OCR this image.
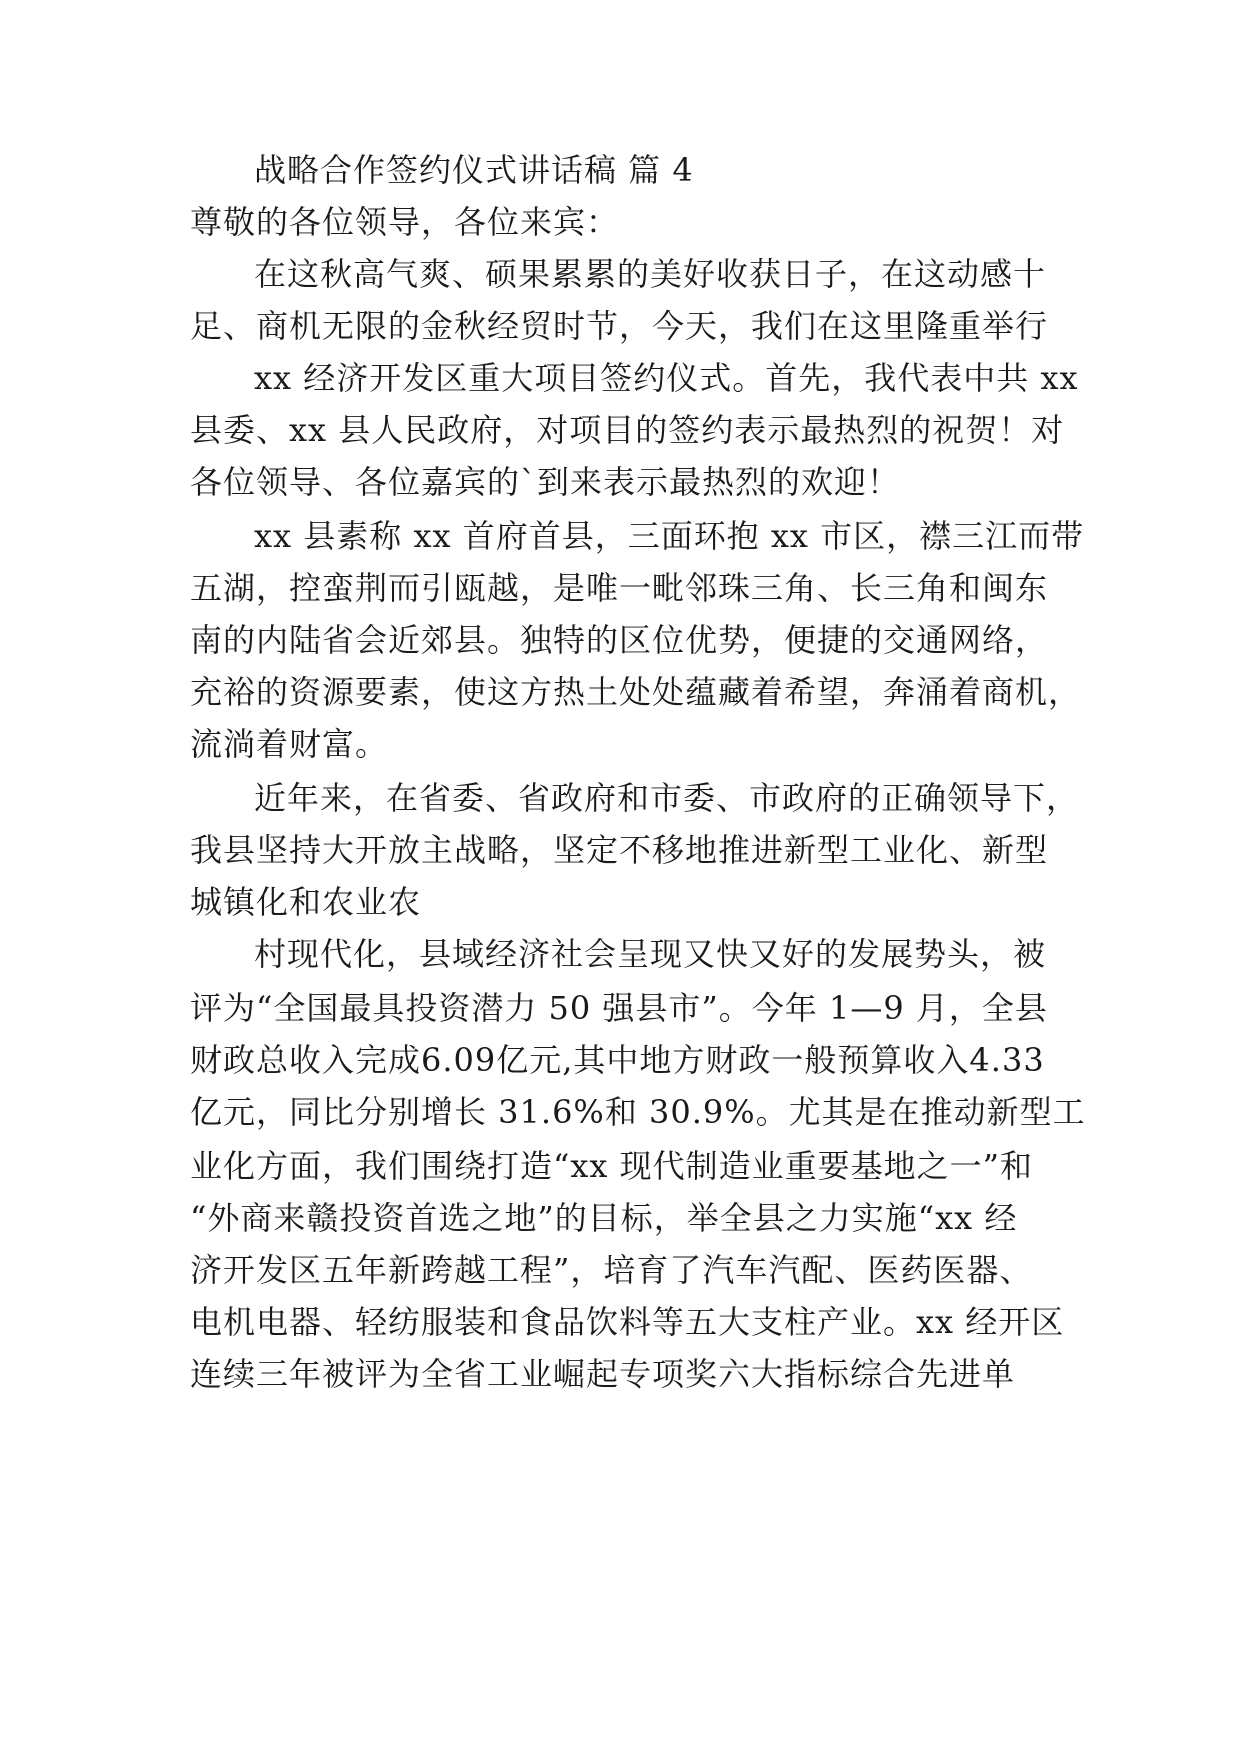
战略合作签约仪式讲话稿 篇 4
尊敬的各位领导，各位来宾：
在这秋高气爽、硕果累累的美好收获日子，在这动感十
足、商机无限的金秋经贸时节，今天，我们在这里隆重举行
xx 经济开发区重大项目签约仪式。首先，我代表中共 xx
县委、xx 县人民政府，对项目的签约表示最热烈的祝贺！对
各位领导、各位嘉宾的`到来表示最热烈的欢迎！
xx 县素称 xx 首府首县，三面环抱 xx 市区，襟三江而带
五湖，控蛮荆而引瓯越，是唯一毗邻珠三角、长三角和闽东
南的内陆省会近郊县。独特的区位优势，便捷的交通网络，
充裕的资源要素，使这方热土处处蕴藏着希望，奔涌着商机，
流淌着财富。
近年来，在省委、省政府和市委、市政府的正确领导下，
我县坚持大开放主战略，坚定不移地推进新型工业化、新型
城镇化和农业农
村现代化，县域经济社会呈现又快又好的发展势头，被
评为“全国最具投资潜力 50 强县市”。今年 1—9 月，全县
财政总收入完成6.09亿元,其中地方财政一般预算收入4.33
亿元，同比分别增长 31.6%和 30.9%。尤其是在推动新型工
业化方面，我们围绕打造“xx 现代制造业重要基地之一”和
“外商来赣投资首选之地”的目标，举全县之力实施“xx 经
济开发区五年新跨越工程”，培育了汽车汽配、医药医器、
电机电器、轻纺服装和食品饮料等五大支柱产业。xx 经开区
连续三年被评为全省工业崛起专项奖六大指标综合先进单
